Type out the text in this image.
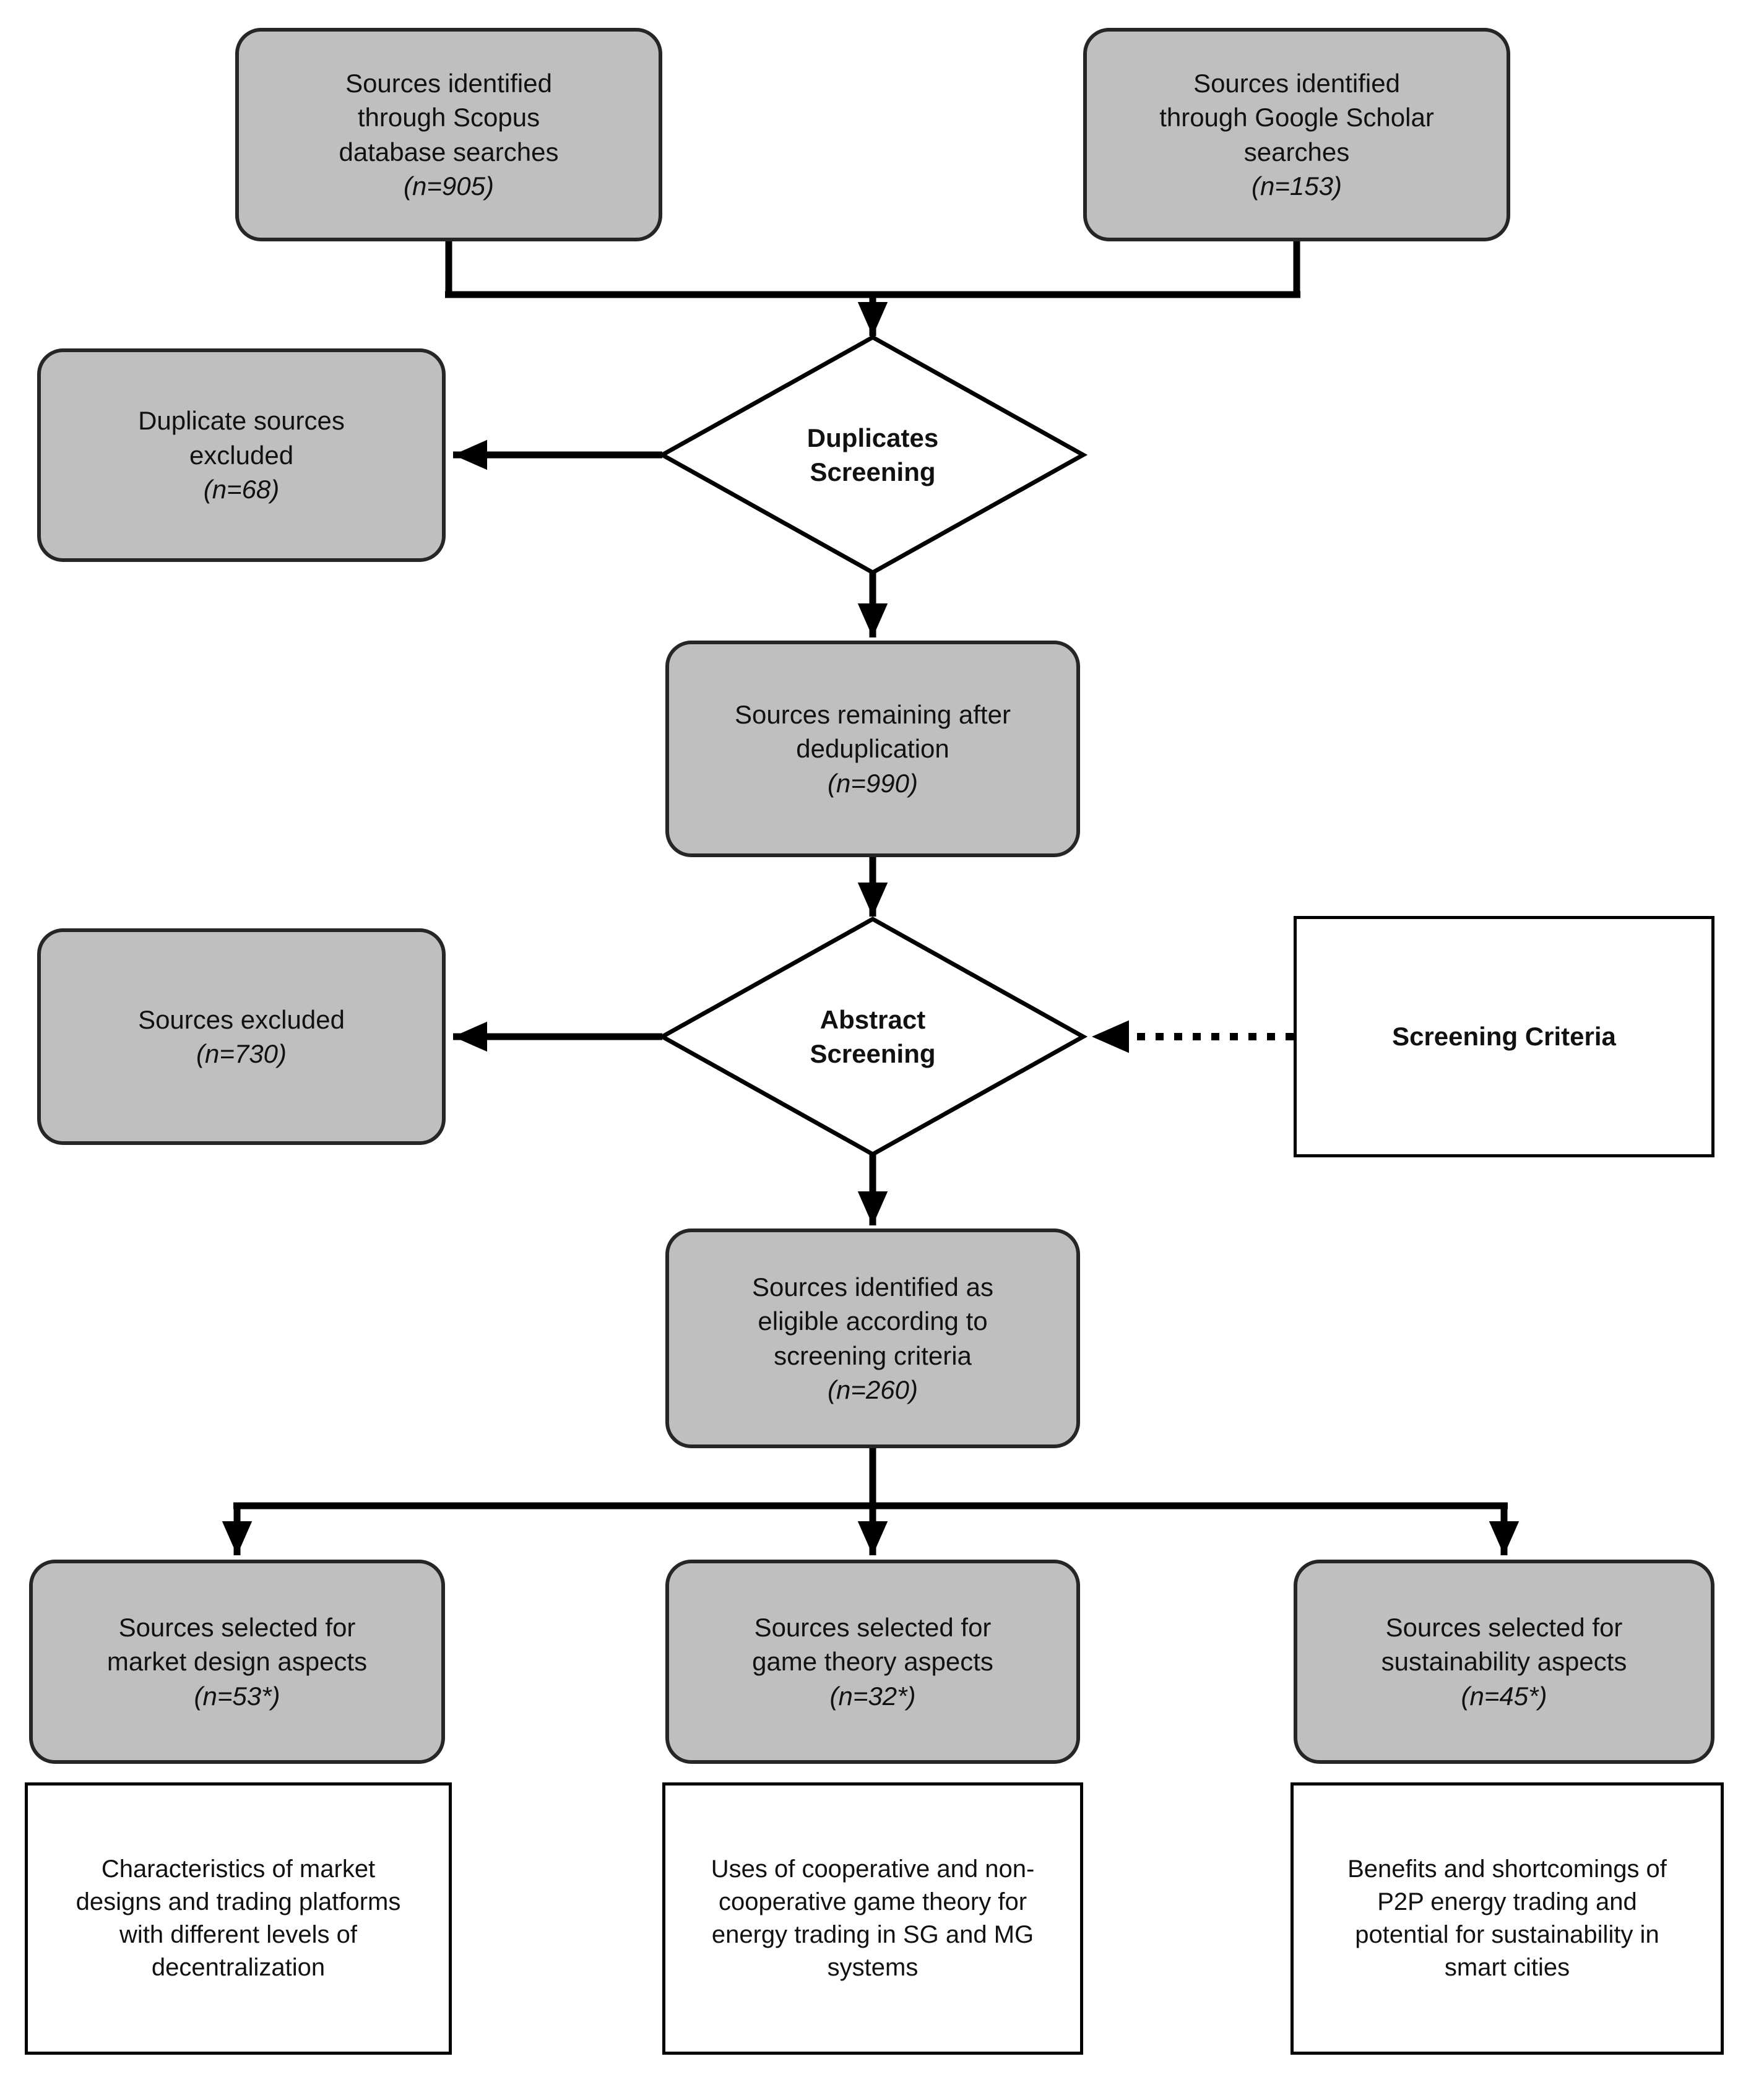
Sources identified through Scopus database searches
(n=905)
Sources identified through Google Scholar searches
(n=153)
Duplicate sources excluded
(n=68)
Duplicates Screening
Sources remaining after deduplication
(n=990)
Sources excluded
(n=730)
Abstract Screening
Screening Criteria
Sources identified as eligible according to screening criteria
(n=260)
Sources selected for market design aspects
(n=53*)
Sources selected for game theory aspects
(n=32*)
Sources selected for sustainability aspects
(n=45*)
Characteristics of market designs and trading platforms with different levels of decentralization
Uses of cooperative and non-cooperative game theory for energy trading in SG and MG systems
Benefits and shortcomings of P2P energy trading and potential for sustainability in smart cities
